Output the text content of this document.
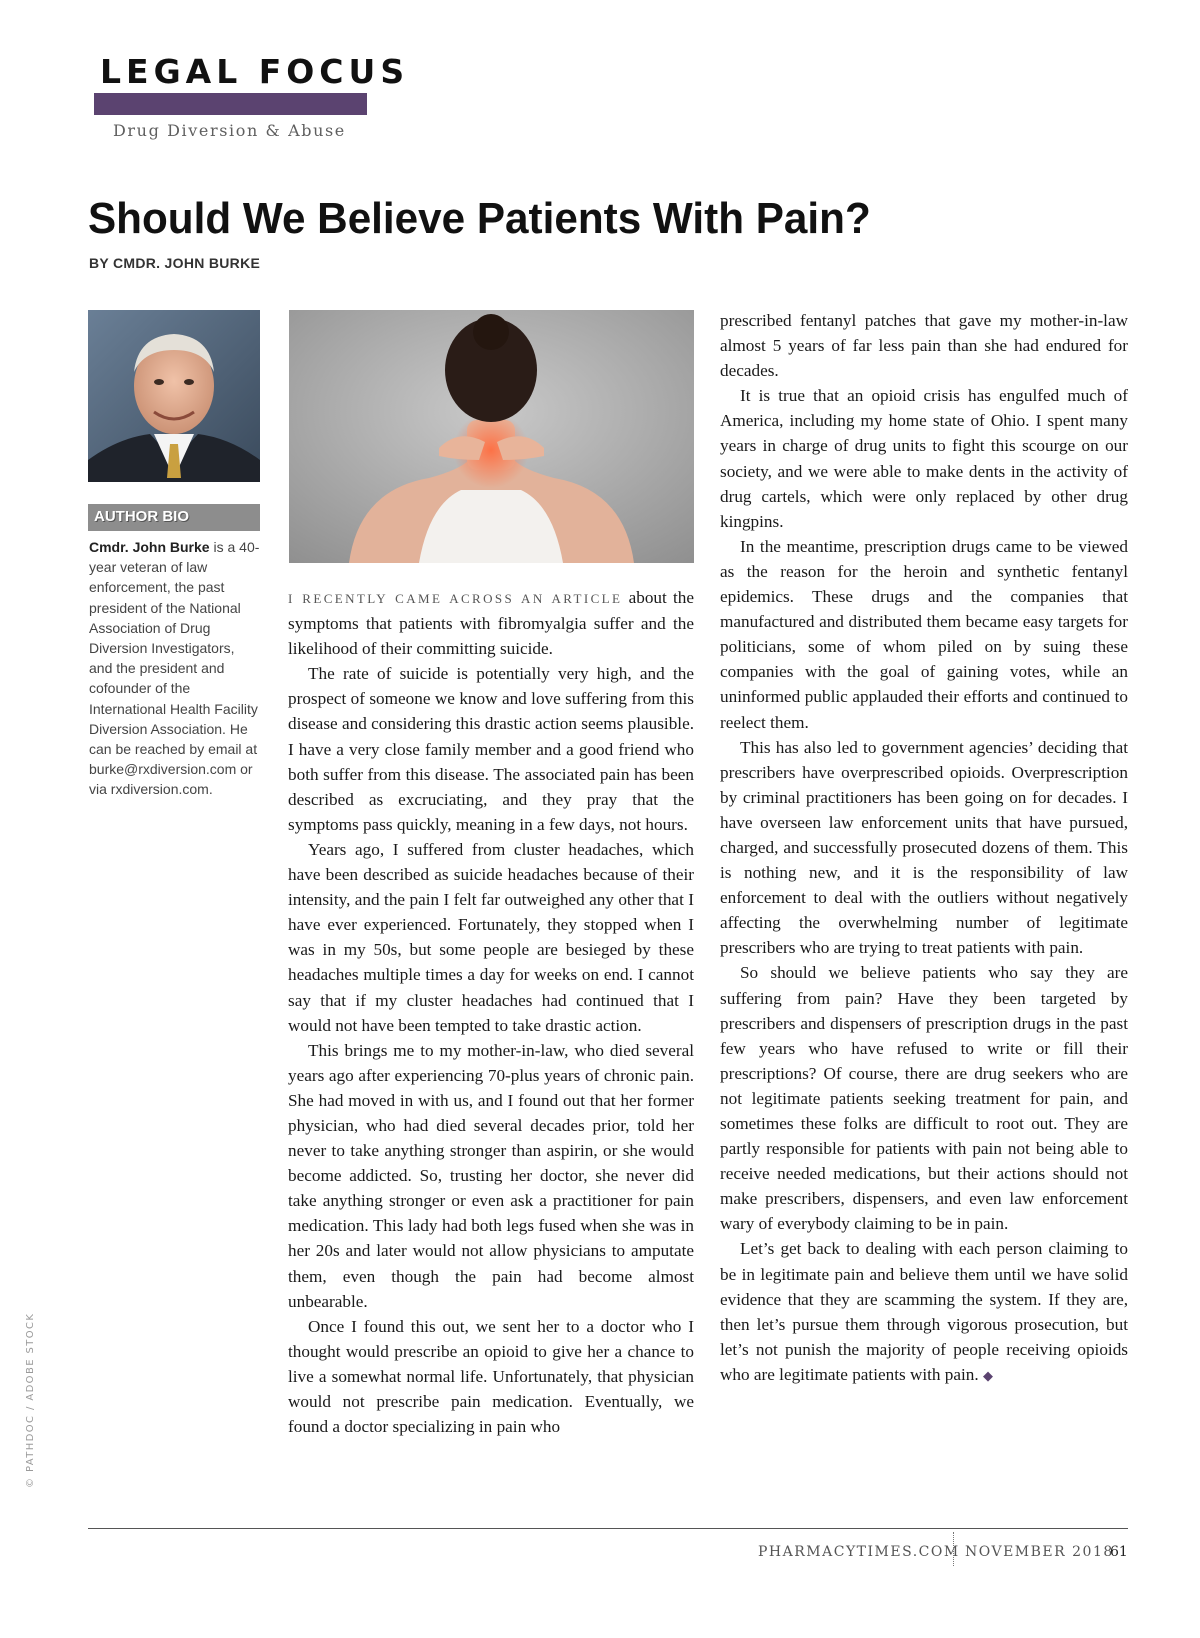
LEGAL FOCUS
Drug Diversion & Abuse
Should We Believe Patients With Pain?
BY CMDR. JOHN BURKE
AUTHOR BIO
Cmdr. John Burke is a 40-year veteran of law enforcement, the past president of the National Association of Drug Diversion Investigators, and the president and cofounder of the International Health Facility Diversion Association. He can be reached by email at burke@rxdiversion.com or via rxdiversion.com.

I RECENTLY CAME ACROSS AN ARTICLE about the symptoms that patients with fibromyalgia suffer and the likelihood of their committing suicide.

The rate of suicide is potentially very high, and the prospect of someone we know and love suffering from this disease and considering this drastic action seems plausible. I have a very close family member and a good friend who both suffer from this disease. The associated pain has been described as excruciating, and they pray that the symptoms pass quickly, meaning in a few days, not hours.

Years ago, I suffered from cluster headaches, which have been described as suicide headaches because of their intensity, and the pain I felt far outweighed any other that I have ever experienced. Fortunately, they stopped when I was in my 50s, but some people are besieged by these headaches multiple times a day for weeks on end. I cannot say that if my cluster headaches had continued that I would not have been tempted to take drastic action.

This brings me to my mother-in-law, who died several years ago after experiencing 70-plus years of chronic pain. She had moved in with us, and I found out that her former physician, who had died several decades prior, told her never to take anything stronger than aspirin, or she would become addicted. So, trusting her doctor, she never did take anything stronger or even ask a practitioner for pain medication. This lady had both legs fused when she was in her 20s and later would not allow physicians to amputate them, even though the pain had become almost unbearable.

Once I found this out, we sent her to a doctor who I thought would prescribe an opioid to give her a chance to live a somewhat normal life. Unfortunately, that physician would not prescribe pain medication. Eventually, we found a doctor specializing in pain who

prescribed fentanyl patches that gave my mother-in-law almost 5 years of far less pain than she had endured for decades.

It is true that an opioid crisis has engulfed much of America, including my home state of Ohio. I spent many years in charge of drug units to fight this scourge on our society, and we were able to make dents in the activity of drug cartels, which were only replaced by other drug kingpins.

In the meantime, prescription drugs came to be viewed as the reason for the heroin and synthetic fentanyl epidemics. These drugs and the companies that manufactured and distributed them became easy targets for politicians, some of whom piled on by suing these companies with the goal of gaining votes, while an uninformed public applauded their efforts and continued to reelect them.

This has also led to government agencies’ deciding that prescribers have overprescribed opioids. Overprescription by criminal practitioners has been going on for decades. I have overseen law enforcement units that have pursued, charged, and successfully prosecuted dozens of them. This is nothing new, and it is the responsibility of law enforcement to deal with the outliers without negatively affecting the overwhelming number of legitimate prescribers who are trying to treat patients with pain.

So should we believe patients who say they are suffering from pain? Have they been targeted by prescribers and dispensers of prescription drugs in the past few years who have refused to write or fill their prescriptions? Of course, there are drug seekers who are not legitimate patients seeking treatment for pain, and sometimes these folks are difficult to root out. They are partly responsible for patients with pain not being able to receive needed medications, but their actions should not make prescribers, dispensers, and even law enforcement wary of everybody claiming to be in pain.

Let’s get back to dealing with each person claiming to be in legitimate pain and believe them until we have solid evidence that they are scamming the system. If they are, then let’s pursue them through vigorous prosecution, but let’s not punish the majority of people receiving opioids who are legitimate patients with pain. ◆

© PATHDOC / ADOBE STOCK
PHARMACYTIMES.COM NOVEMBER 2018
61
